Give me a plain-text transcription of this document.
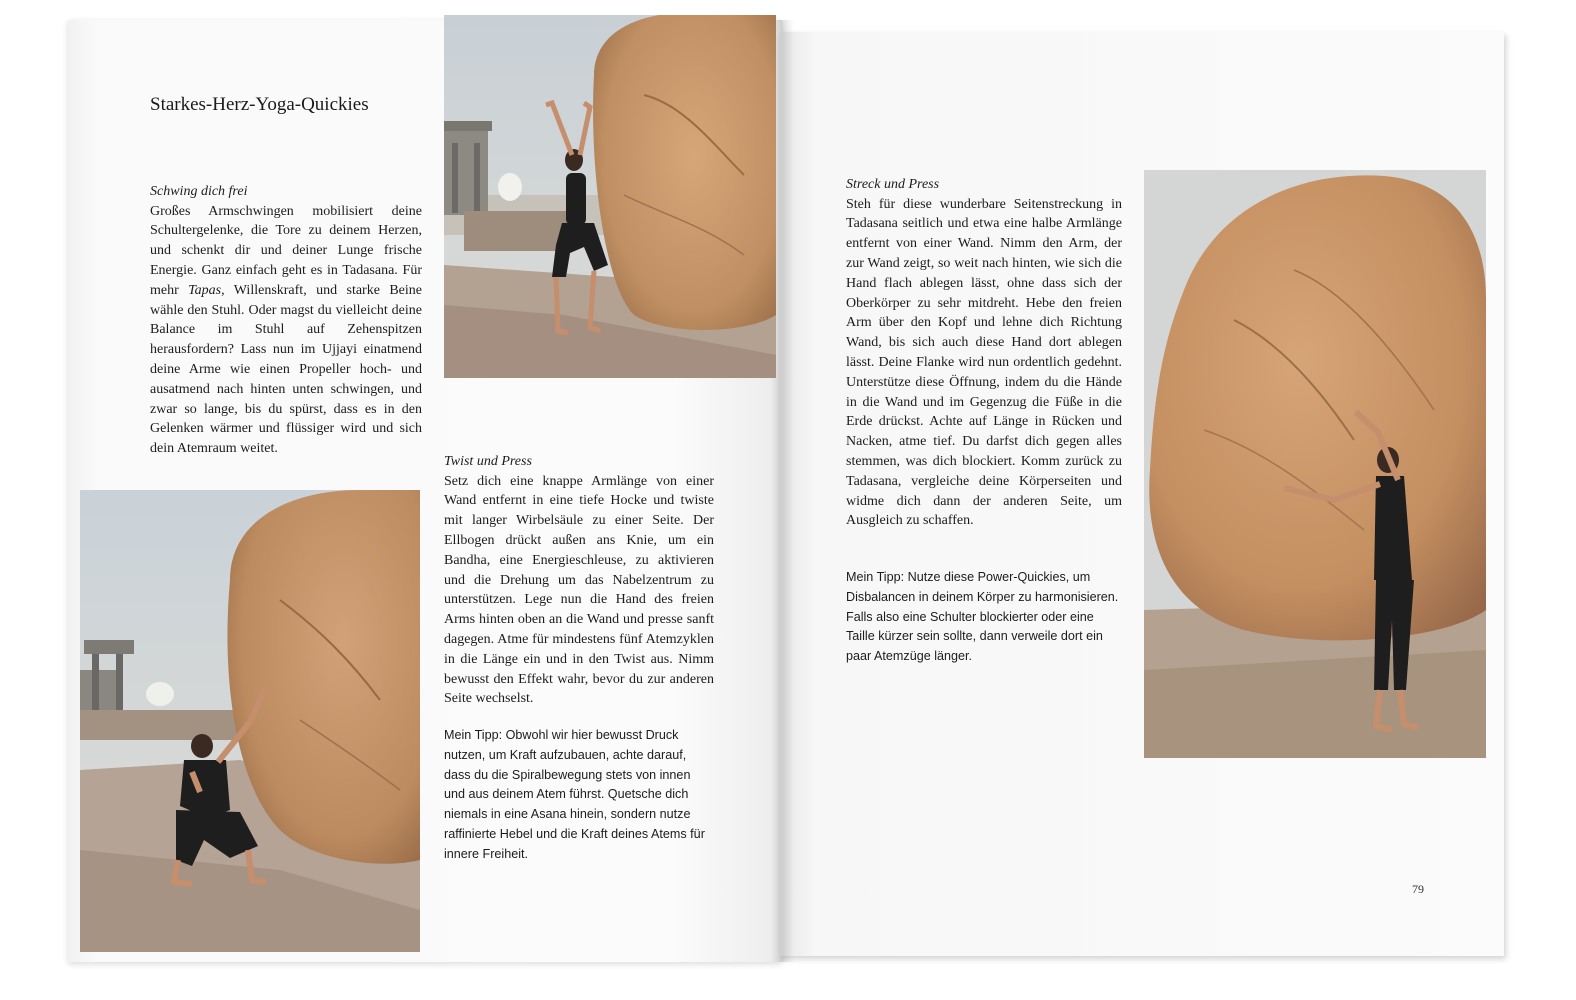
Starkes-Herz-Yoga-Quickies
Schwing dich frei
Großes Armschwingen mobilisiert deine Schultergelenke, die Tore zu deinem Herzen, und schenkt dir und deiner Lunge frische Energie. Ganz einfach geht es in Tadasana. Für mehr Tapas, Willenskraft, und starke Beine wähle den Stuhl. Oder magst du vielleicht deine Balance im Stuhl auf Zehenspitzen herausfordern? Lass nun im Ujjayi einatmend deine Arme wie einen Propeller hoch- und ausatmend nach hinten unten schwingen, und zwar so lange, bis du spürst, dass es in den Gelenken wärmer und flüssiger wird und sich dein Atemraum weitet.
Twist und Press
Setz dich eine knappe Armlänge von einer Wand entfernt in eine tiefe Hocke und twiste mit langer Wirbelsäule zu einer Seite. Der Ellbogen drückt außen ans Knie, um ein Bandha, eine Energieschleuse, zu aktivieren und die Drehung um das Nabelzentrum zu unterstützen. Lege nun die Hand des freien Arms hinten oben an die Wand und presse sanft dagegen. Atme für mindestens fünf Atemzyklen in die Länge ein und in den Twist aus. Nimm bewusst den Effekt wahr, bevor du zur anderen Seite wechselst.
Mein Tipp: Obwohl wir hier bewusst Druck nutzen, um Kraft aufzubauen, achte darauf, dass du die Spiralbewegung stets von innen und aus deinem Atem führst. Quetsche dich niemals in eine Asana hinein, sondern nutze raffinierte Hebel und die Kraft deines Atems für innere Freiheit.
Streck und Press
Steh für diese wunderbare Seitenstreckung in Tadasana seitlich und etwa eine halbe Armlänge entfernt von einer Wand. Nimm den Arm, der zur Wand zeigt, so weit nach hinten, wie sich die Hand flach ablegen lässt, ohne dass sich der Oberkörper zu sehr mitdreht. Hebe den freien Arm über den Kopf und lehne dich Richtung Wand, bis sich auch diese Hand dort ablegen lässt. Deine Flanke wird nun ordentlich gedehnt. Unterstütze diese Öffnung, indem du die Hände in die Wand und im Gegenzug die Füße in die Erde drückst. Achte auf Länge in Rücken und Nacken, atme tief. Du darfst dich gegen alles stemmen, was dich blockiert. Komm zurück zu Tadasana, vergleiche deine Körperseiten und widme dich dann der anderen Seite, um Ausgleich zu schaffen.
Mein Tipp: Nutze diese Power-Quickies, um Disbalancen in deinem Körper zu harmonisieren. Falls also eine Schulter blockierter oder eine Taille kürzer sein sollte, dann verweile dort ein paar Atemzüge länger.
79
